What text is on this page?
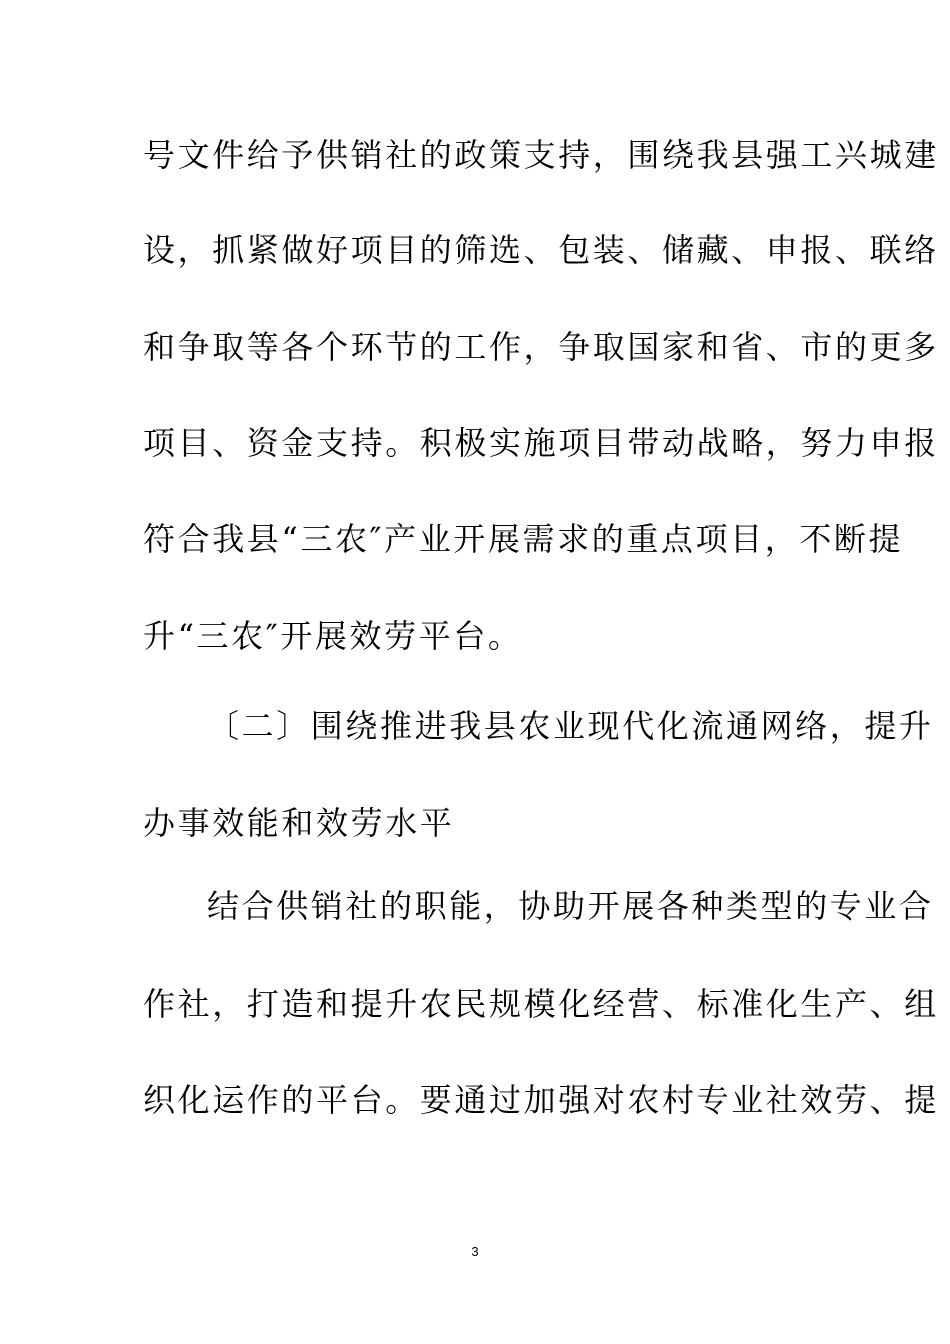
号文件给予供销社的政策支持，围绕我县强工兴城建
设，抓紧做好项目的筛选、包装、储藏、申报、联络
和争取等各个环节的工作，争取国家和省、市的更多
项目、资金支持。积极实施项目带动战略，努力申报
符合我县“三农″产业开展需求的重点项目，不断提
升“三农″开展效劳平台。
〔二〕围绕推进我县农业现代化流通网络，提升
办事效能和效劳水平
结合供销社的职能，协助开展各种类型的专业合
作社，打造和提升农民规模化经营、标准化生产、组
织化运作的平台。要通过加强对农村专业社效劳、提
3
